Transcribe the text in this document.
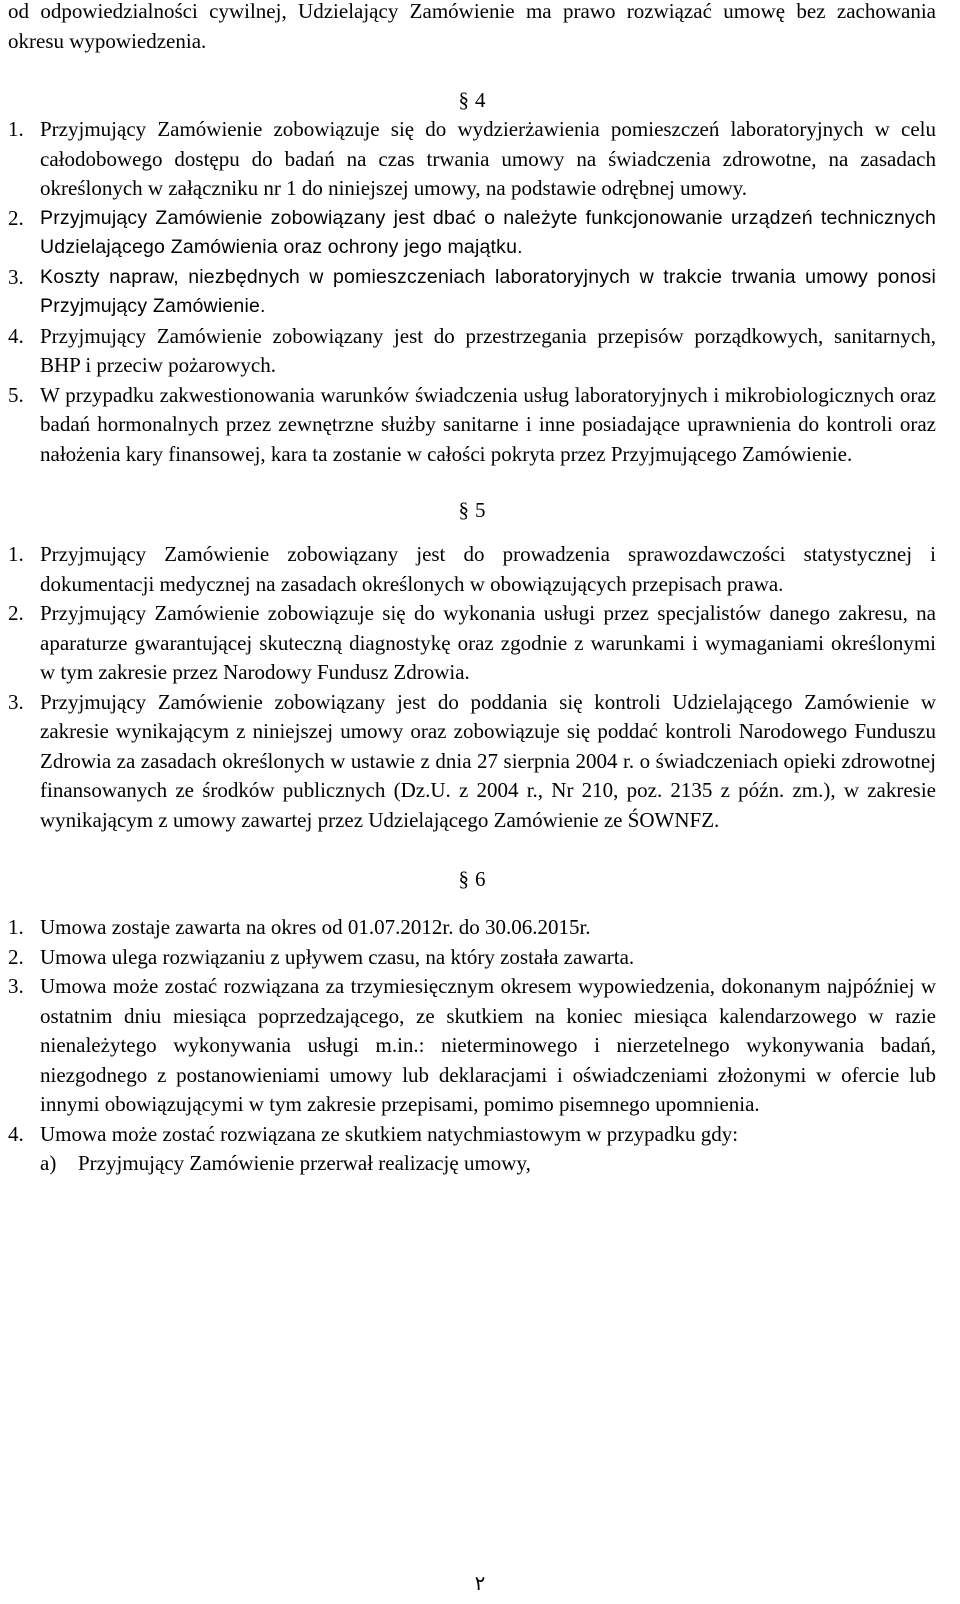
od odpowiedzialności cywilnej, Udzielający Zamówienie ma prawo rozwiązać umowę bez zachowania okresu wypowiedzenia.
§ 4
1. Przyjmujący Zamówienie zobowiązuje się do wydzierżawienia pomieszczeń laboratoryjnych w celu całodobowego dostępu do badań na czas trwania umowy na świadczenia zdrowotne, na zasadach określonych w załączniku nr 1 do niniejszej umowy, na podstawie odrębnej umowy.
2. Przyjmujący Zamówienie zobowiązany jest dbać o należyte funkcjonowanie urządzeń technicznych Udzielającego Zamówienia oraz ochrony jego majątku.
3. Koszty napraw, niezbędnych w pomieszczeniach laboratoryjnych w trakcie trwania umowy ponosi Przyjmujący Zamówienie.
4. Przyjmujący Zamówienie zobowiązany jest do przestrzegania przepisów porządkowych, sanitarnych, BHP i przeciw pożarowych.
5. W przypadku zakwestionowania warunków świadczenia usług laboratoryjnych i mikrobiologicznych oraz badań hormonalnych przez zewnętrzne służby sanitarne i inne posiadające uprawnienia do kontroli oraz nałożenia kary finansowej, kara ta zostanie w całości pokryta przez Przyjmującego Zamówienie.
§ 5
1. Przyjmujący Zamówienie zobowiązany jest do prowadzenia sprawozdawczości statystycznej i dokumentacji medycznej na zasadach określonych w obowiązujących przepisach prawa.
2. Przyjmujący Zamówienie zobowiązuje się do wykonania usługi przez specjalistów danego zakresu, na aparaturze gwarantującej skuteczną diagnostykę oraz zgodnie z warunkami i wymaganiami określonymi w tym zakresie przez Narodowy Fundusz Zdrowia.
3. Przyjmujący Zamówienie zobowiązany jest do poddania się kontroli Udzielającego Zamówienie w zakresie wynikającym z niniejszej umowy oraz zobowiązuje się poddać kontroli Narodowego Funduszu Zdrowia za zasadach określonych w ustawie z dnia 27 sierpnia 2004 r. o świadczeniach opieki zdrowotnej finansowanych ze środków publicznych (Dz.U. z 2004 r., Nr 210, poz. 2135 z późn. zm.), w zakresie wynikającym z umowy zawartej przez Udzielającego Zamówienie ze ŚOWNFZ.
§ 6
1. Umowa zostaje zawarta na okres od 01.07.2012r. do 30.06.2015r.
2. Umowa ulega rozwiązaniu z upływem czasu, na który została zawarta.
3. Umowa może zostać rozwiązana za trzymiesięcznym okresem wypowiedzenia, dokonanym najpóźniej w ostatnim dniu miesiąca poprzedzającego, ze skutkiem na koniec miesiąca kalendarzowego w razie nienależytego wykonywania usługi m.in.: nieterminowego i nierzetelnego wykonywania badań, niezgodnego z postanowieniami umowy lub deklaracjami i oświadczeniami złożonymi w ofercie lub innymi obowiązującymi w tym zakresie przepisami, pomimo pisemnego upomnienia.
4. Umowa może zostać rozwiązana ze skutkiem natychmiastowym w przypadku gdy:
a)	Przyjmujący Zamówienie przerwał realizację umowy,
٢
